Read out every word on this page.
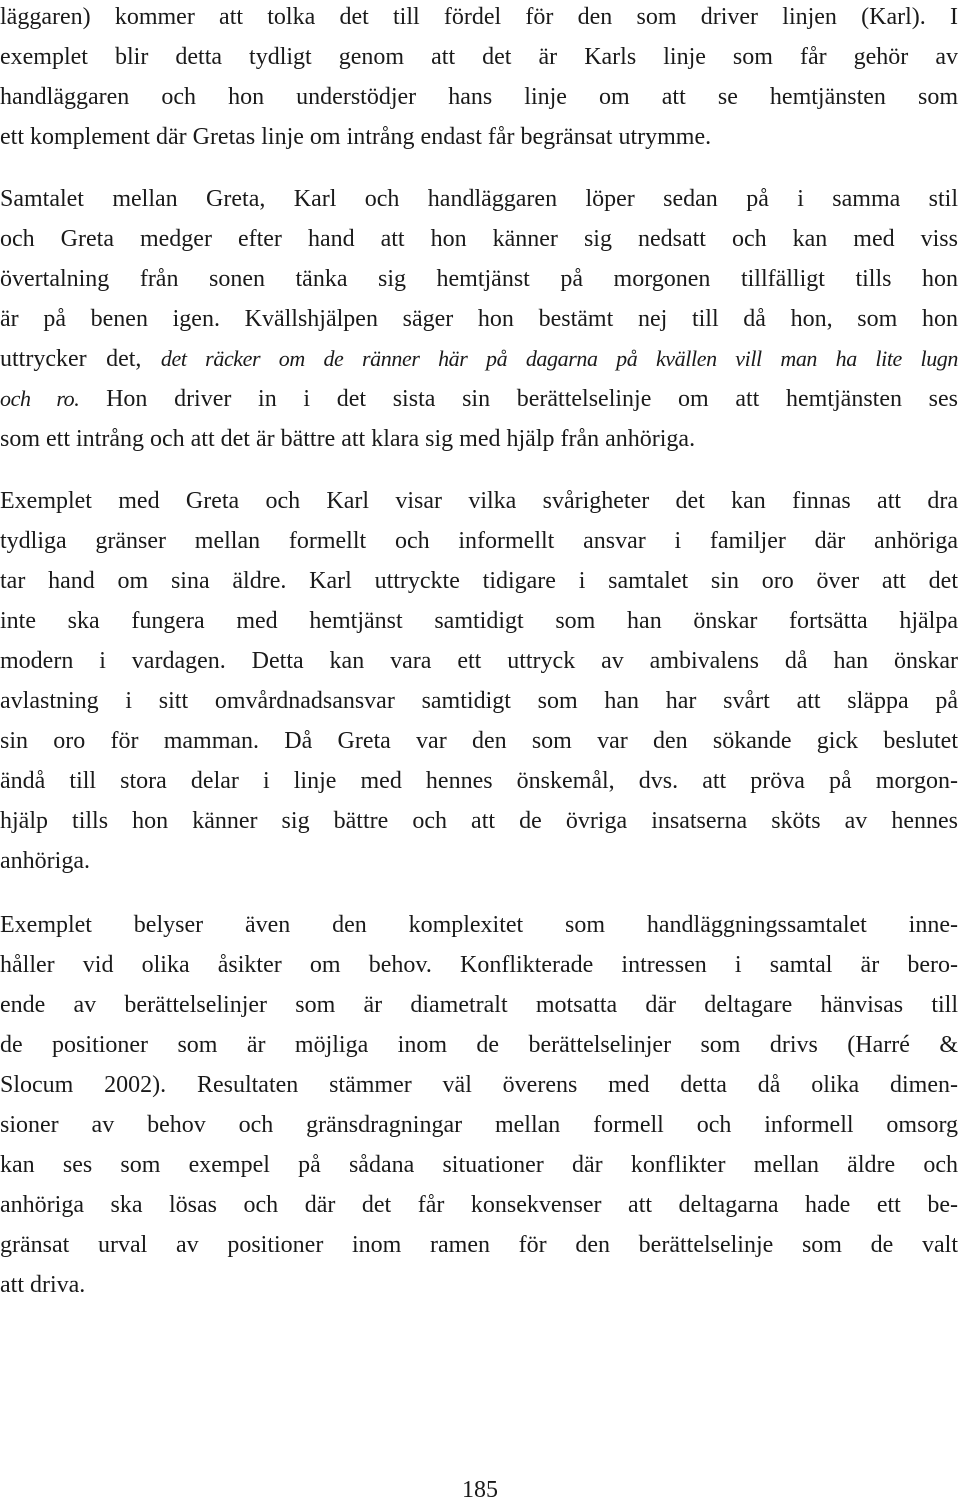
läggaren) kommer att tolka det till fördel för den som driver linjen (Karl). I
exemplet blir detta tydligt genom att det är Karls linje som får gehör av
handläggaren och hon understödjer hans linje om att se hemtjänsten som
ett komplement där Gretas linje om intrång endast får begränsat utrymme.

Samtalet mellan Greta, Karl och handläggaren löper sedan på i samma stil
och Greta medger efter hand att hon känner sig nedsatt och kan med viss
övertalning från sonen tänka sig hemtjänst på morgonen tillfälligt tills hon
är på benen igen. Kvällshjälpen säger hon bestämt nej till då hon, som hon
uttrycker det, det räcker om de ränner här på dagarna på kvällen vill man ha lite lugn
och ro. Hon driver in i det sista sin berättelselinje om att hemtjänsten ses
som ett intrång och att det är bättre att klara sig med hjälp från anhöriga.

Exemplet med Greta och Karl visar vilka svårigheter det kan finnas att dra
tydliga gränser mellan formellt och informellt ansvar i familjer där anhöriga
tar hand om sina äldre. Karl uttryckte tidigare i samtalet sin oro över att det
inte ska fungera med hemtjänst samtidigt som han önskar fortsätta hjälpa
modern i vardagen. Detta kan vara ett uttryck av ambivalens då han önskar
avlastning i sitt omvårdnadsansvar samtidigt som han har svårt att släppa på
sin oro för mamman. Då Greta var den som var den sökande gick beslutet
ändå till stora delar i linje med hennes önskemål, dvs. att pröva på morgon-
hjälp tills hon känner sig bättre och att de övriga insatserna sköts av hennes
anhöriga.

Exemplet belyser även den komplexitet som handläggningssamtalet inne-
håller vid olika åsikter om behov. Konflikterade intressen i samtal är bero-
ende av berättelselinjer som är diametralt motsatta där deltagare hänvisas till
de positioner som är möjliga inom de berättelselinjer som drivs (Harré &
Slocum 2002). Resultaten stämmer väl överens med detta då olika dimen-
sioner av behov och gränsdragningar mellan formell och informell omsorg
kan ses som exempel på sådana situationer där konflikter mellan äldre och
anhöriga ska lösas och där det får konsekvenser att deltagarna hade ett be-
gränsat urval av positioner inom ramen för den berättelselinje som de valt
att driva.

185
